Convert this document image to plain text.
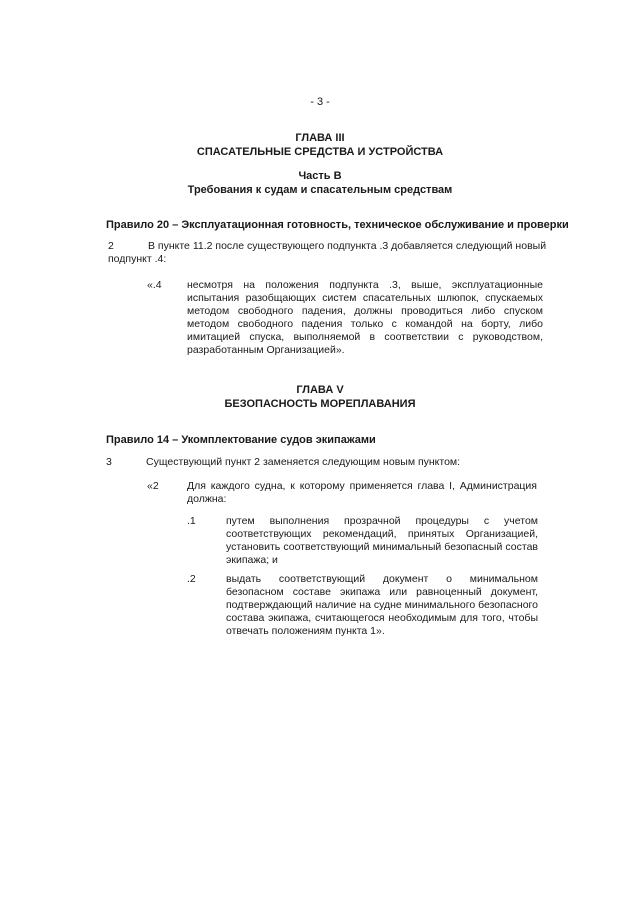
- 3 -
ГЛАВА III
СПАСАТЕЛЬНЫЕ СРЕДСТВА И УСТРОЙСТВА
Часть B
Требования к судам и спасательным средствам
Правило 20 – Эксплуатационная готовность, техническое обслуживание и проверки
2	В пункте 11.2 после существующего подпункта .3 добавляется следующий новый
подпункт .4:
«.4 несмотря на положения подпункта .3, выше, эксплуатационные испытания разобщающих систем спасательных шлюпок, спускаемых методом свободного падения, должны проводиться либо спуском методом свободного падения только с командой на борту, либо имитацией спуска, выполняемой в соответствии с руководством, разработанным Организацией».
ГЛАВА V
БЕЗОПАСНОСТЬ МОРЕПЛАВАНИЯ
Правило 14 – Укомплектование судов экипажами
3	Существующий пункт 2 заменяется следующим новым пунктом:
«2	Для каждого судна, к которому применяется глава I, Администрация должна:
.1	путем выполнения прозрачной процедуры с учетом соответствующих рекомендаций, принятых Организацией, установить соответствующий минимальный безопасный состав экипажа; и
.2	выдать соответствующий документ о минимальном безопасном составе экипажа или равноценный документ, подтверждающий наличие на судне минимального безопасного состава экипажа, считающегося необходимым для того, чтобы отвечать положениям пункта 1».
